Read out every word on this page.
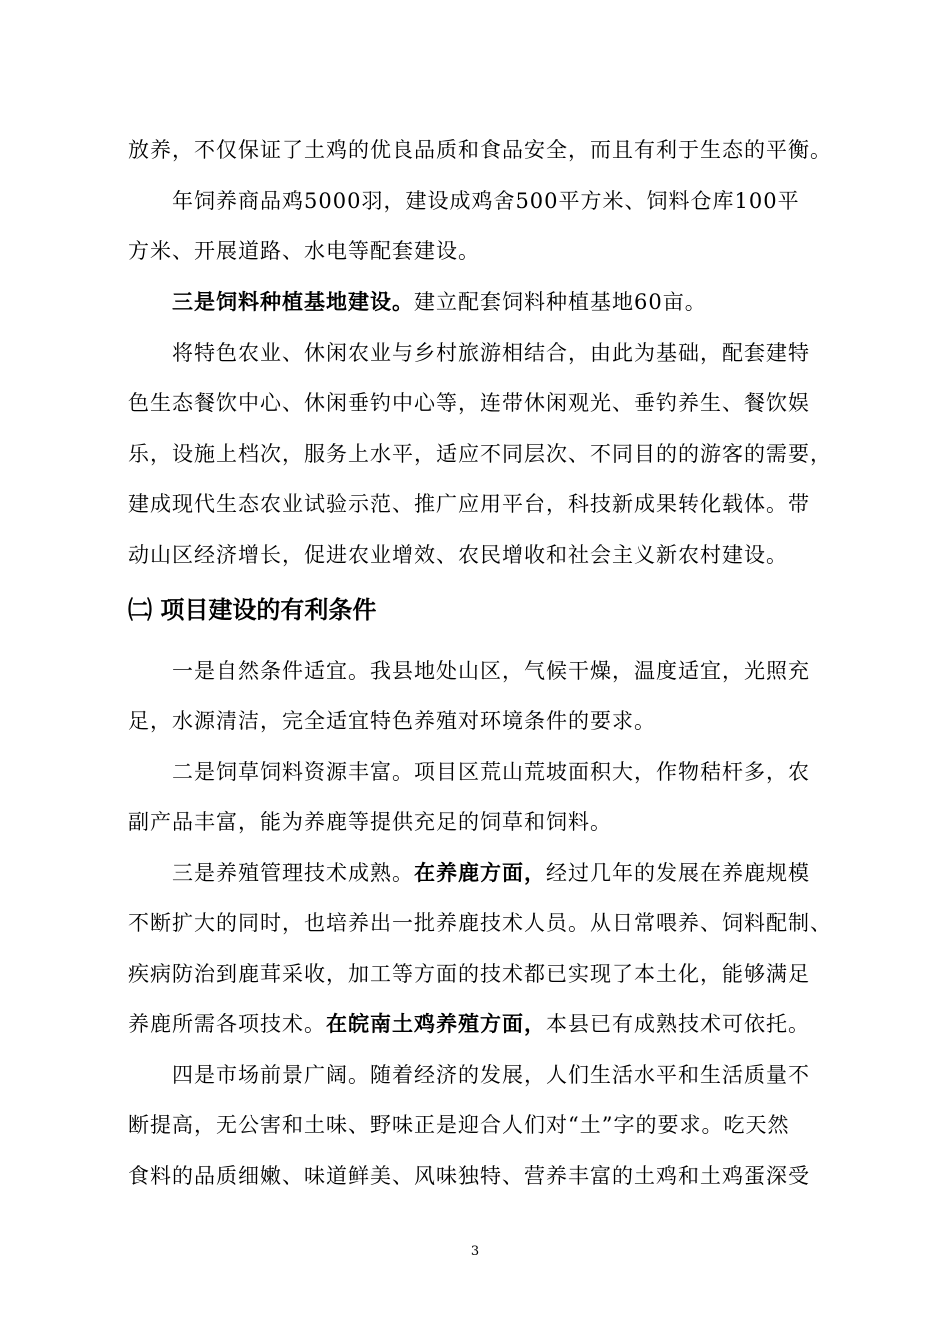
放养，不仅保证了土鸡的优良品质和食品安全，而且有利于生态的平衡。
年饲养商品鸡5000羽，建设成鸡舍500平方米、饲料仓库100平
方米、开展道路、水电等配套建设。
三是饲料种植基地建设。建立配套饲料种植基地60亩。
将特色农业、休闲农业与乡村旅游相结合，由此为基础，配套建特
色生态餐饮中心、休闲垂钓中心等，连带休闲观光、垂钓养生、餐饮娱
乐，设施上档次，服务上水平，适应不同层次、不同目的的游客的需要，
建成现代生态农业试验示范、推广应用平台，科技新成果转化载体。带
动山区经济增长，促进农业增效、农民增收和社会主义新农村建设。
㈡ 项目建设的有利条件
一是自然条件适宜。我县地处山区，气候干燥，温度适宜，光照充
足，水源清洁，完全适宜特色养殖对环境条件的要求。
二是饲草饲料资源丰富。项目区荒山荒坡面积大，作物秸杆多，农
副产品丰富，能为养鹿等提供充足的饲草和饲料。
三是养殖管理技术成熟。在养鹿方面，经过几年的发展在养鹿规模
不断扩大的同时，也培养出一批养鹿技术人员。从日常喂养、饲料配制、
疾病防治到鹿茸采收，加工等方面的技术都已实现了本土化，能够满足
养鹿所需各项技术。在皖南土鸡养殖方面，本县已有成熟技术可依托。
四是市场前景广阔。随着经济的发展，人们生活水平和生活质量不
断提高，无公害和土味、野味正是迎合人们对“土”字的要求。吃天然
食料的品质细嫩、味道鲜美、风味独特、营养丰富的土鸡和土鸡蛋深受
3
